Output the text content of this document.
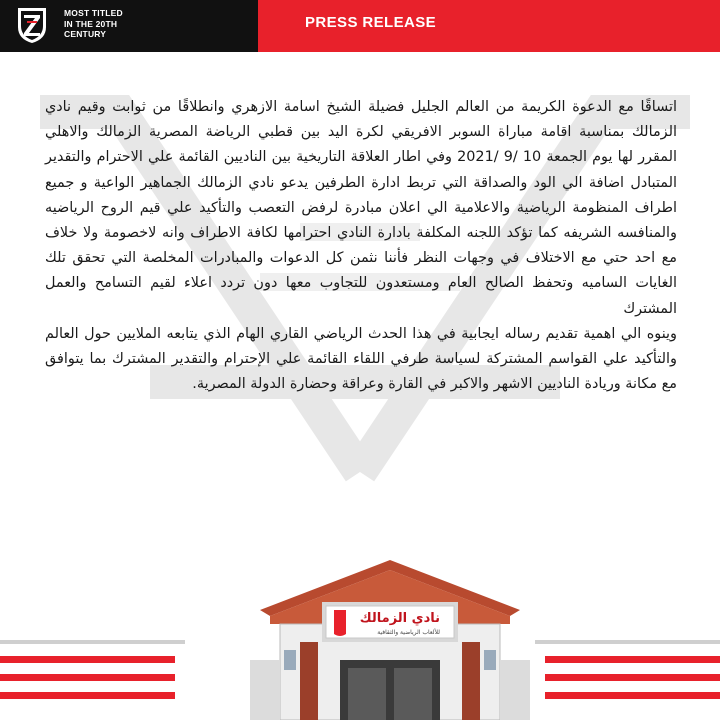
MOST TITLED
IN THE 20TH
CENTURY
PRESS RELEASE

اتساقًا مع الدعوة الكريمة من العالم الجليل فضيلة الشيخ اسامة الازهري وانطلاقًا من ثوابت وقيم نادي الزمالك بمناسبة اقامة مباراة السوبر الافريقي لكرة اليد بين قطبي الرياضة المصرية الزمالك والاهلي المقرر لها يوم الجمعة 10 /9 /2021 وفي اطار العلاقة التاريخية بين الناديين القائمة علي الاحترام والتقدير المتبادل اضافة الي الود والصداقة التي تربط ادارة الطرفين يدعو نادي الزمالك الجماهير الواعية و جميع اطراف المنظومة الرياضية والاعلامية الي اعلان مبادرة لرفض التعصب والتأكيد علي قيم الروح الرياضيه والمنافسه الشريفه كما تؤكد اللجنه المكلفة بادارة النادي احترامها لكافة الاطراف وانه لاخصومة ولا خلاف مع احد حتي مع الاختلاف في وجهات النظر فأننا نثمن كل الدعوات والمبادرات المخلصة التي تحقق تلك الغايات الساميه وتحفظ الصالح العام ومستعدون للتجاوب معها دون تردد اعلاء لقيم التسامح والعمل المشترك

وينوه الي اهمية تقديم رساله ايجابية في هذا الحدث الرياضي القاري الهام الذي يتابعه الملايين حول العالم والتأكيد علي القواسم المشتركة لسياسة طرفي اللقاء القائمة علي الإحترام والتقدير المشترك بما يتوافق مع مكانة وريادة الناديين الاشهر والاكبر في القارة وعراقة وحضارة الدولة المصرية.

نادي الزمالك
للألعاب الرياضية والثقافية
